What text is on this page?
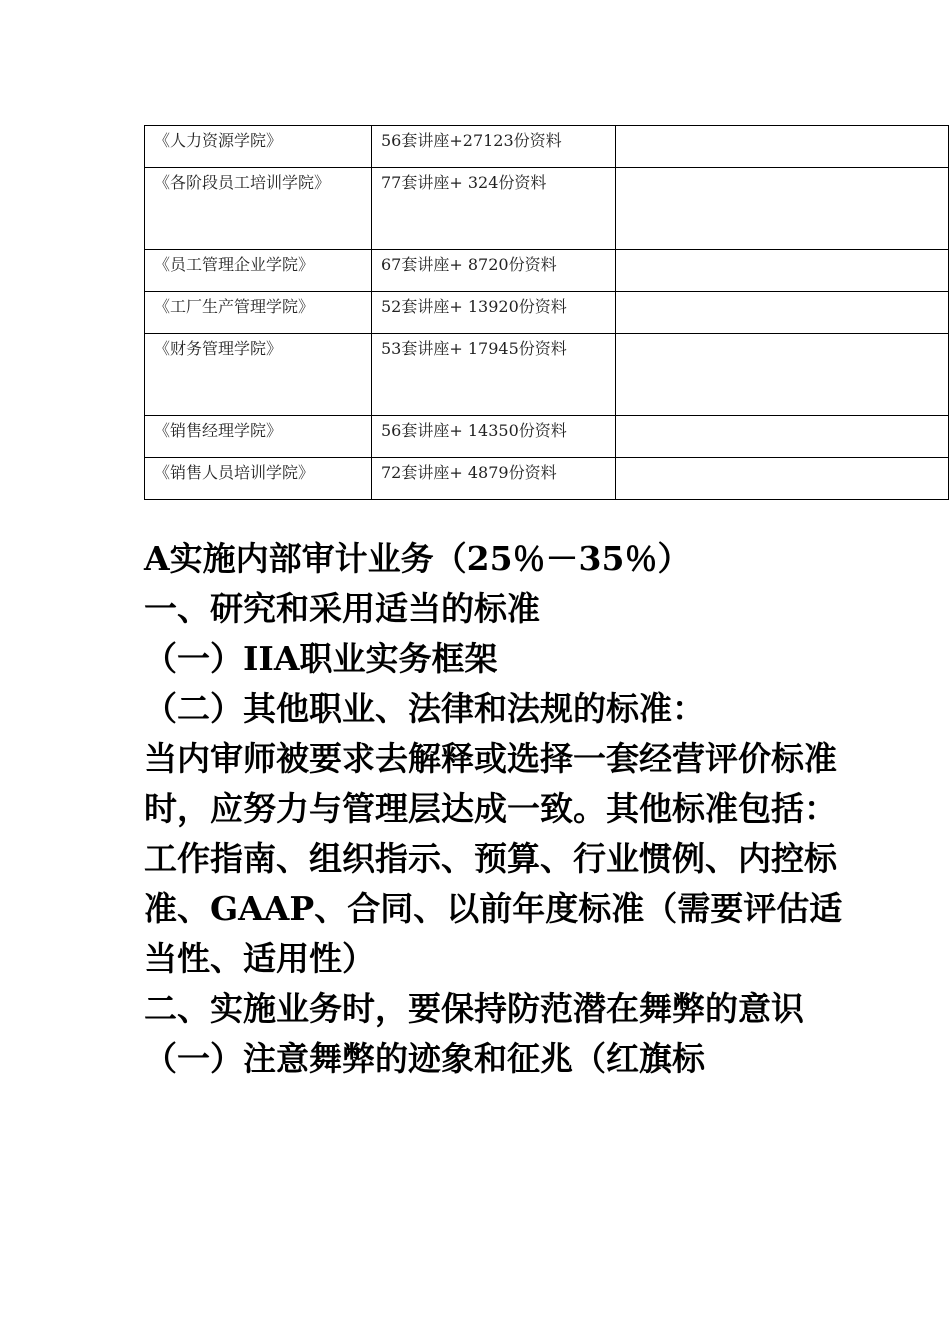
《人力资源学院》	56套讲座+27123份资料	

《各阶段员工培训学院》	77套讲座+ 324份资料	

《员工管理企业学院》	67套讲座+ 8720份资料	

《工厂生产管理学院》	52套讲座+ 13920份资料	

《财务管理学院》	53套讲座+ 17945份资料	

《销售经理学院》	56套讲座+ 14350份资料	

《销售人员培训学院》	72套讲座+ 4879份资料	

A实施内部审计业务（25％－35％）

一、研究和采用适当的标准

（一）IIA职业实务框架

（二）其他职业、法律和法规的标准：

当内审师被要求去解释或选择一套经营评价标准时，应努力与管理层达成一致。其他标准包括：工作指南、组织指示、预算、行业惯例、内控标准、GAAP、合同、以前年度标准（需要评估适当性、适用性）

二、实施业务时，要保持防范潜在舞弊的意识

（一）注意舞弊的迹象和征兆（红旗标
